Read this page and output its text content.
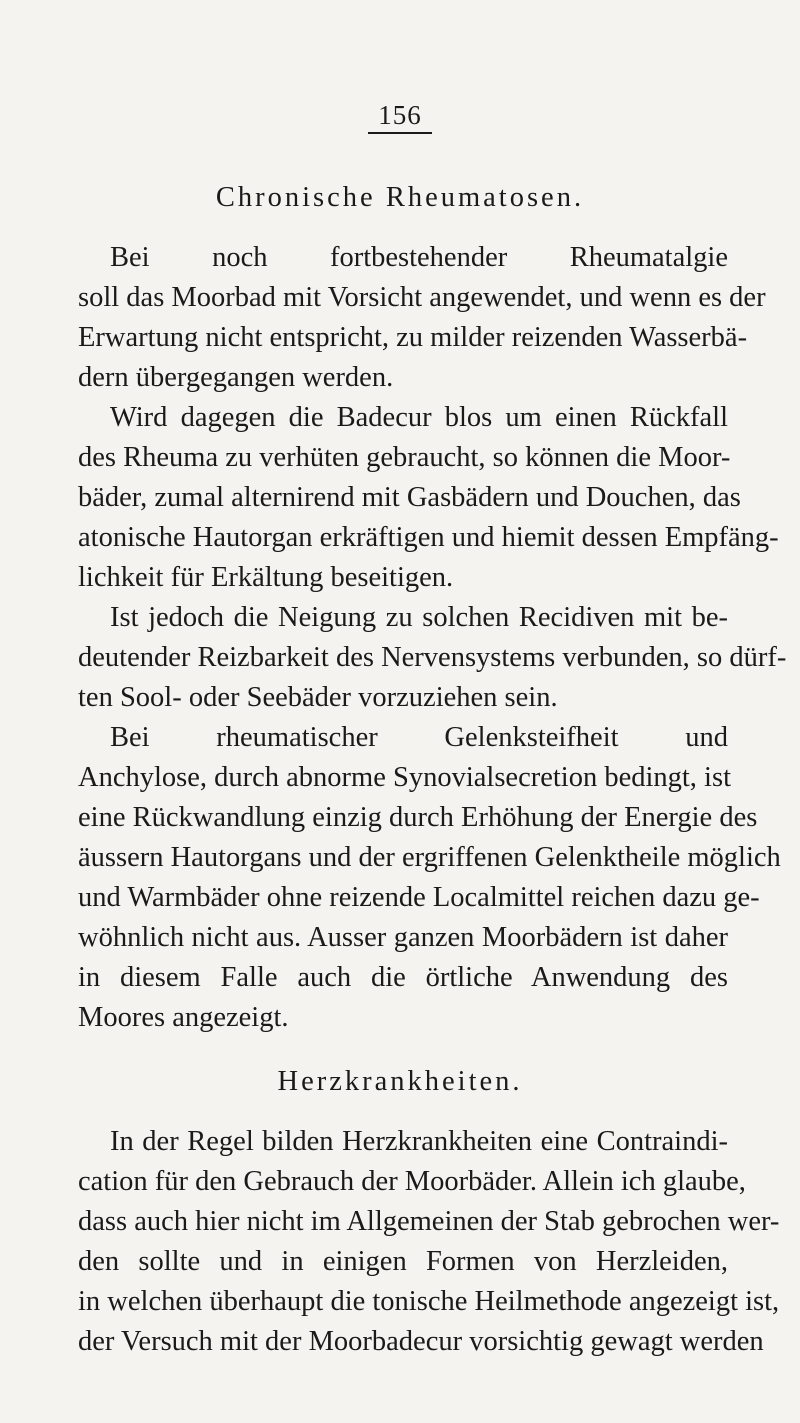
156
Chronische Rheumatosen.
Bei noch fortbestehender Rheumatalgie
soll das Moorbad mit Vorsicht angewendet, und wenn es der
Erwartung nicht entspricht, zu milder reizenden Wasserbä-
dern übergegangen werden.
Wird dagegen die Badecur blos um einen Rückfall
des Rheuma zu verhüten gebraucht, so können die Moor-
bäder, zumal alternirend mit Gasbädern und Douchen, das
atonische Hautorgan erkräftigen und hiemit dessen Empfäng-
lichkeit für Erkältung beseitigen.
Ist jedoch die Neigung zu solchen Recidiven mit be-
deutender Reizbarkeit des Nervensystems verbunden, so dürf-
ten Sool- oder Seebäder vorzuziehen sein.
Bei rheumatischer Gelenksteifheit und
Anchylose, durch abnorme Synovialsecretion bedingt, ist
eine Rückwandlung einzig durch Erhöhung der Energie des
äussern Hautorgans und der ergriffenen Gelenktheile möglich
und Warmbäder ohne reizende Localmittel reichen dazu ge-
wöhnlich nicht aus. Ausser ganzen Moorbädern ist daher
in diesem Falle auch die örtliche Anwendung des
Moores angezeigt.
Herzkrankheiten.
In der Regel bilden Herzkrankheiten eine Contraindi-
cation für den Gebrauch der Moorbäder. Allein ich glaube,
dass auch hier nicht im Allgemeinen der Stab gebrochen wer-
den sollte und in einigen Formen von Herzleiden,
in welchen überhaupt die tonische Heilmethode angezeigt ist,
der Versuch mit der Moorbadecur vorsichtig gewagt werden
